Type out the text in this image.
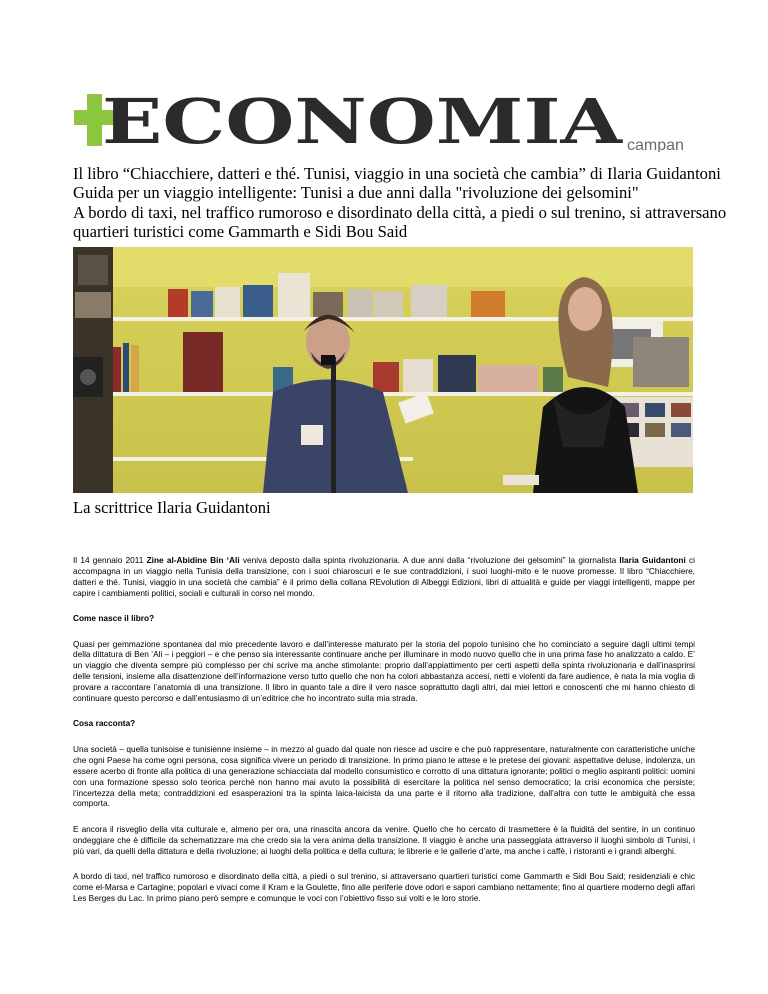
ECONOMIA campan
Il libro “Chiacchiere, datteri e thé. Tunisi, viaggio in una società che cambia” di Ilaria Guidantoni
Guida per un viaggio intelligente: Tunisi a due anni dalla "rivoluzione dei gelsomini"
A bordo di taxi, nel traffico rumoroso e disordinato della città, a piedi o sul trenino, si attraversano
quartieri turistici come Gammarth e Sidi Bou Said
La scrittrice Ilaria Guidantoni

Il 14 gennaio 2011 Zine al-Abidine Bin ‘Ali veniva deposto dalla spinta rivoluzionaria. A due anni dalla “rivoluzione dei gelsomini” la giornalista Ilaria Guidantoni ci accompagna in un viaggio nella Tunisia della transizione, con i suoi chiaroscuri e le sue contraddizioni, i suoi luoghi-mito e le nuove promesse. Il libro “Chiacchiere, datteri e thé. Tunisi, viaggio in una società che cambia” è il primo della collana REvolution di Albeggi Edizioni, libri di attualità e guide per viaggi intelligenti, mappe per capire i cambiamenti politici, sociali e culturali in corso nel mondo.

Come nasce il libro?

Quasi per gemmazione spontanea dal mio precedente lavoro e dall’interesse maturato per la storia del popolo tunisino che ho cominciato a seguire dagli ultimi tempi della dittatura di Ben ‘Ali – i peggiori – e che penso sia interessante continuare anche per illuminare in modo nuovo quello che in una prima fase ho analizzato a caldo. E’ un viaggio che diventa sempre più complesso per chi scrive ma anche stimolante: proprio dall’appiattimento per certi aspetti della spinta rivoluzionaria e dall’inasprirsi delle tensioni, insieme alla disattenzione dell’informazione verso tutto quello che non ha colori abbastanza accesi, netti e violenti da fare audience, è nata la mia voglia di provare a raccontare l’anatomia di una transizione. Il libro in quanto tale a dire il vero nasce soprattutto dagli altri, dai miei lettori e conoscenti che mi hanno chiesto di continuare questo percorso e dall’entusiasmo di un’editrice che ho incontrato sulla mia strada.

Cosa racconta?

Una società – quella tunisoise e tunisienne insieme – in mezzo al guado dal quale non riesce ad uscire e che può rappresentare, naturalmente con caratteristiche uniche che ogni Paese ha come ogni persona, cosa significa vivere un periodo di transizione. In primo piano le attese e le pretese dei giovani: aspettative deluse, indolenza, un essere acerbo di fronte alla politica di una generazione schiacciata dal modello consumistico e corrotto di una dittatura ignorante; politici o meglio aspiranti politici: uomini con una formazione spesso solo teorica perché non hanno mai avuto la possibilità di esercitare la politica nel senso democratico; la crisi economica che persiste; l’incertezza della meta; contraddizioni ed esasperazioni tra la spinta laica-laicista da una parte e il ritorno alla tradizione, dall’altra con tutte le ambiguità che essa comporta.

E ancora il risveglio della vita culturale e, almeno per ora, una rinascita ancora da venire. Quello che ho cercato di trasmettere è la fluidità del sentire, in un continuo ondeggiare che è difficile da schematizzare ma che credo sia la vera anima della transizione. Il viaggio è anche una passeggiata attraverso il luoghi simbolo di Tunisi, i più vari, da quelli della dittatura e della rivoluzione; ai luoghi della politica e della cultura; le librerie e le gallerie d’arte, ma anche i caffè, i ristoranti e i grandi alberghi.

A bordo di taxi, nel traffico rumoroso e disordinato della città, a piedi o sul trenino, si attraversano quartieri turistici come Gammarth e Sidi Bou Said; residenziali e chic come el-Marsa e Cartagine; popolari e vivaci come il Kram e la Goulette, fino alle periferie dove odori e sapori cambiano nettamente; fino al quartiere moderno degli affari Les Berges du Lac. In primo piano però sempre e comunque le voci con l’obiettivo fisso sui volti e le loro storie.
